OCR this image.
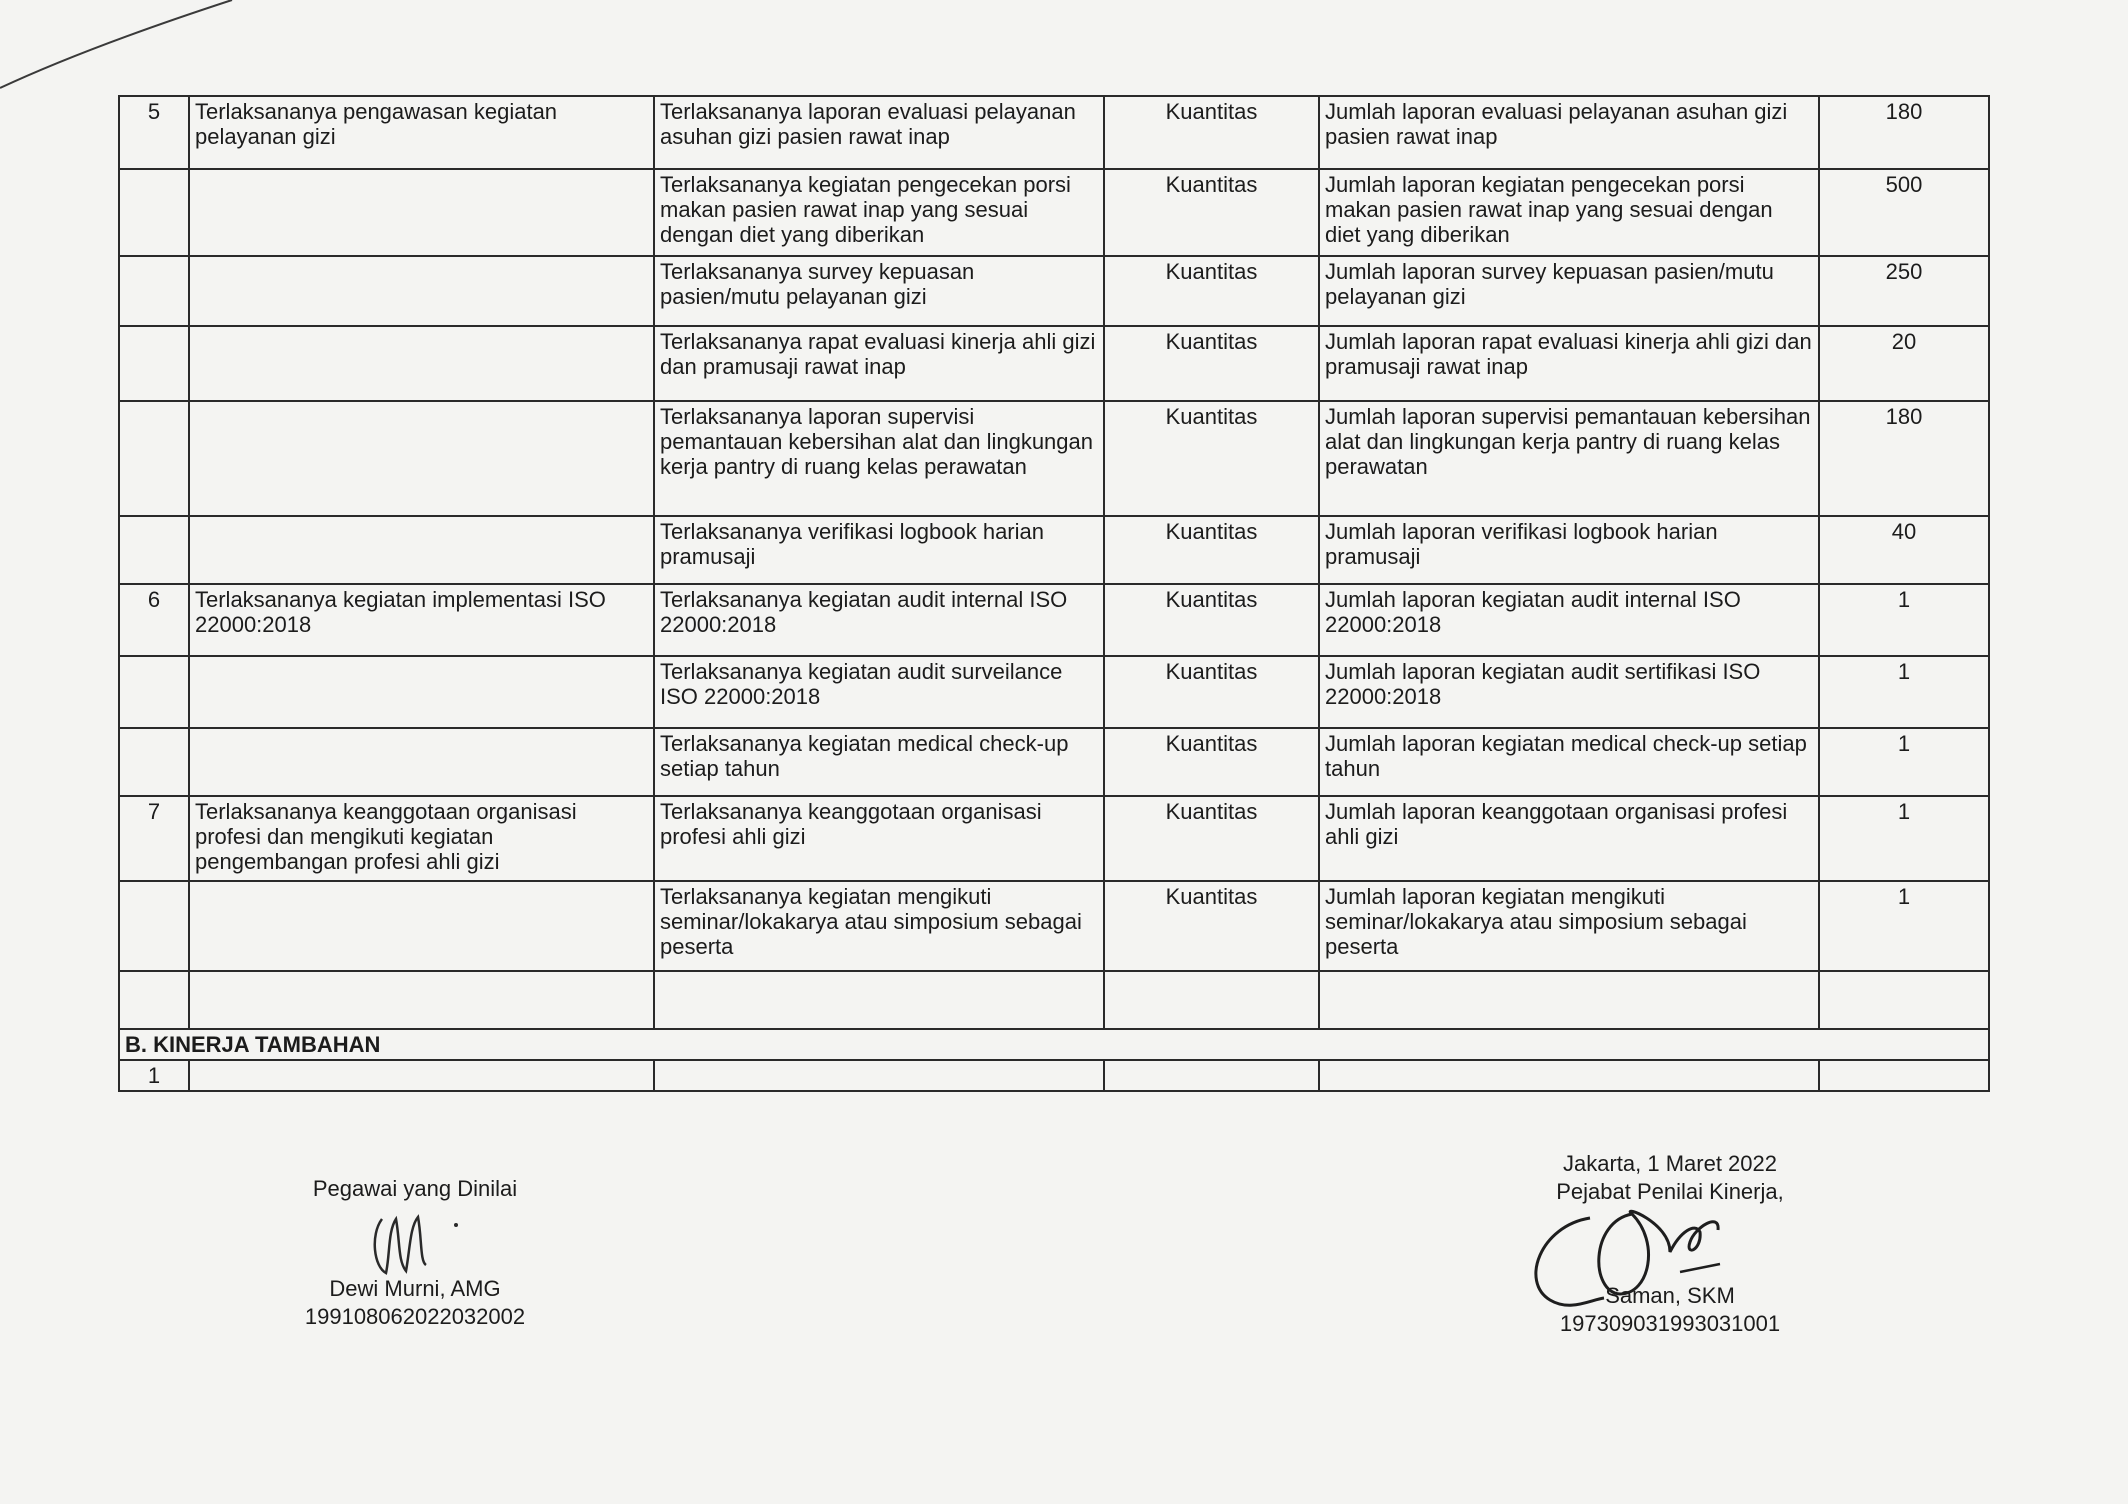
5	Terlaksananya pengawasan kegiatan pelayanan gizi	Terlaksananya laporan evaluasi pelayanan asuhan gizi pasien rawat inap	Kuantitas	Jumlah laporan evaluasi pelayanan asuhan gizi pasien rawat inap	180
		Terlaksananya kegiatan pengecekan porsi makan pasien rawat inap yang sesuai dengan diet yang diberikan	Kuantitas	Jumlah laporan kegiatan pengecekan porsi makan pasien rawat inap yang sesuai dengan diet yang diberikan	500
		Terlaksananya survey kepuasan pasien/mutu pelayanan gizi	Kuantitas	Jumlah laporan survey kepuasan pasien/mutu pelayanan gizi	250
		Terlaksananya rapat evaluasi kinerja ahli gizi dan pramusaji rawat inap	Kuantitas	Jumlah laporan rapat evaluasi kinerja ahli gizi dan pramusaji rawat inap	20
		Terlaksananya laporan supervisi pemantauan kebersihan alat dan lingkungan kerja pantry di ruang kelas perawatan	Kuantitas	Jumlah laporan supervisi pemantauan kebersihan alat dan lingkungan kerja pantry di ruang kelas perawatan	180
		Terlaksananya verifikasi logbook harian pramusaji	Kuantitas	Jumlah laporan verifikasi logbook harian pramusaji	40
6	Terlaksananya kegiatan implementasi ISO 22000:2018	Terlaksananya kegiatan audit internal ISO 22000:2018	Kuantitas	Jumlah laporan kegiatan audit internal ISO 22000:2018	1
		Terlaksananya kegiatan audit surveilance ISO 22000:2018	Kuantitas	Jumlah laporan kegiatan audit sertifikasi ISO 22000:2018	1
		Terlaksananya kegiatan medical check-up setiap tahun	Kuantitas	Jumlah laporan kegiatan medical check-up setiap tahun	1
7	Terlaksananya keanggotaan organisasi profesi dan mengikuti kegiatan pengembangan profesi ahli gizi	Terlaksananya keanggotaan organisasi profesi ahli gizi	Kuantitas	Jumlah laporan keanggotaan organisasi profesi ahli gizi	1
		Terlaksananya kegiatan mengikuti seminar/lokakarya atau simposium sebagai peserta	Kuantitas	Jumlah laporan kegiatan mengikuti seminar/lokakarya atau simposium sebagai peserta	1

B. KINERJA TAMBAHAN					
1					
Pegawai yang Dinilai
Dewi Murni, AMG
199108062022032002
Jakarta, 1 Maret 2022
Pejabat Penilai Kinerja,
Saman, SKM
197309031993031001
